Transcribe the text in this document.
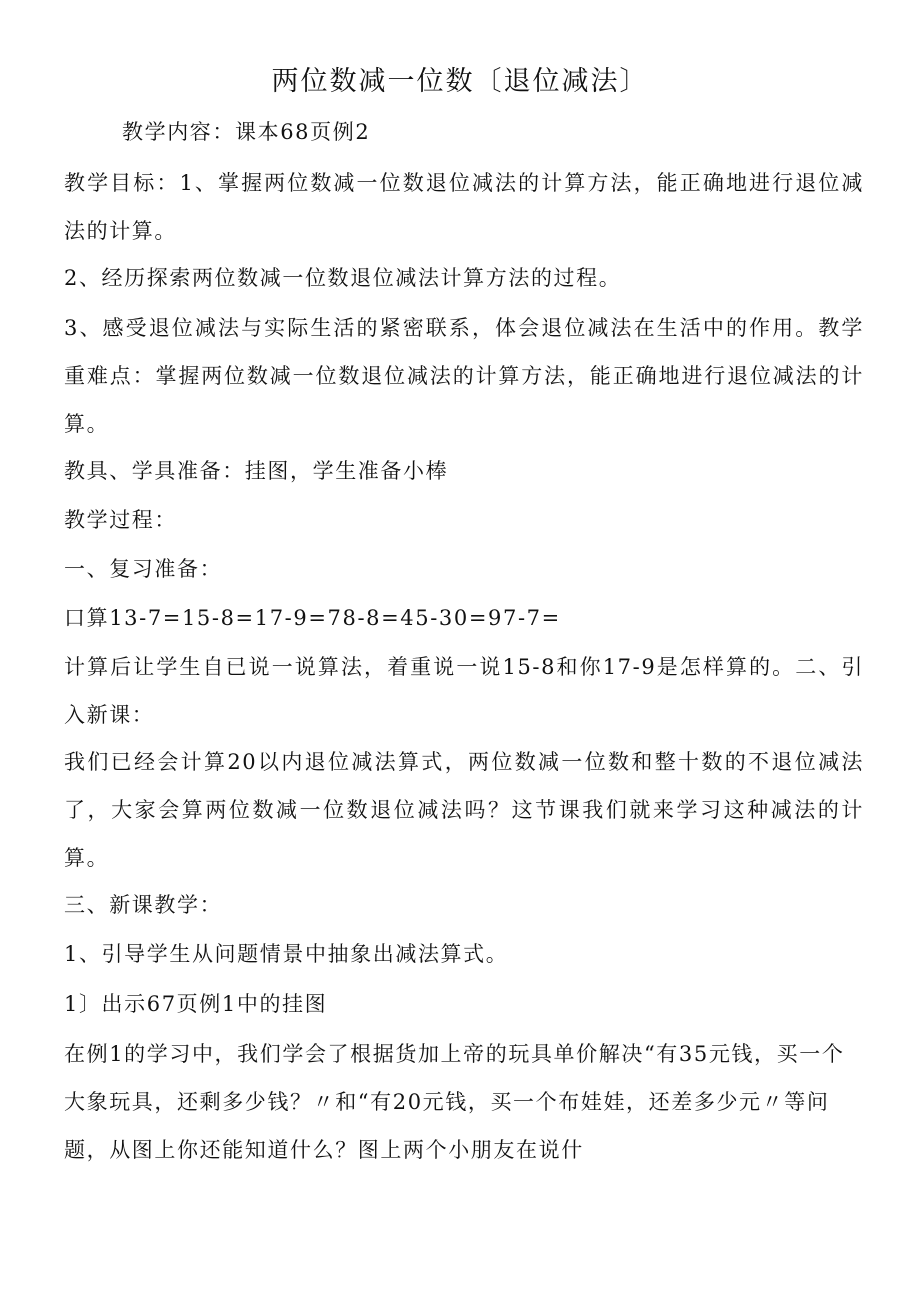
两位数减一位数〔退位减法〕

教学内容：课本68页例2

教学目标：1、掌握两位数减一位数退位减法的计算方法，能正确地进行退位减法的计算。

2、经历探索两位数减一位数退位减法计算方法的过程。

3、感受退位减法与实际生活的紧密联系，体会退位减法在生活中的作用。教学重难点：掌握两位数减一位数退位减法的计算方法，能正确地进行退位减法的计算。

教具、学具准备：挂图，学生准备小棒

教学过程：

一、复习准备：

口算13-7=15-8=17-9=78-8=45-30=97-7=

计算后让学生自已说一说算法，着重说一说15-8和你17-9是怎样算的。二、引入新课：

我们已经会计算20以内退位减法算式，两位数减一位数和整十数的不退位减法了，大家会算两位数减一位数退位减法吗？这节课我们就来学习这种减法的计算。

三、新课教学：

1、引导学生从问题情景中抽象出减法算式。

1〕出示67页例1中的挂图

在例1的学习中，我们学会了根据货加上帝的玩具单价解决“有35元钱，买一个大象玩具，还剩多少钱？〃和“有20元钱，买一个布娃娃，还差多少元〃等问题，从图上你还能知道什么？图上两个小朋友在说什
